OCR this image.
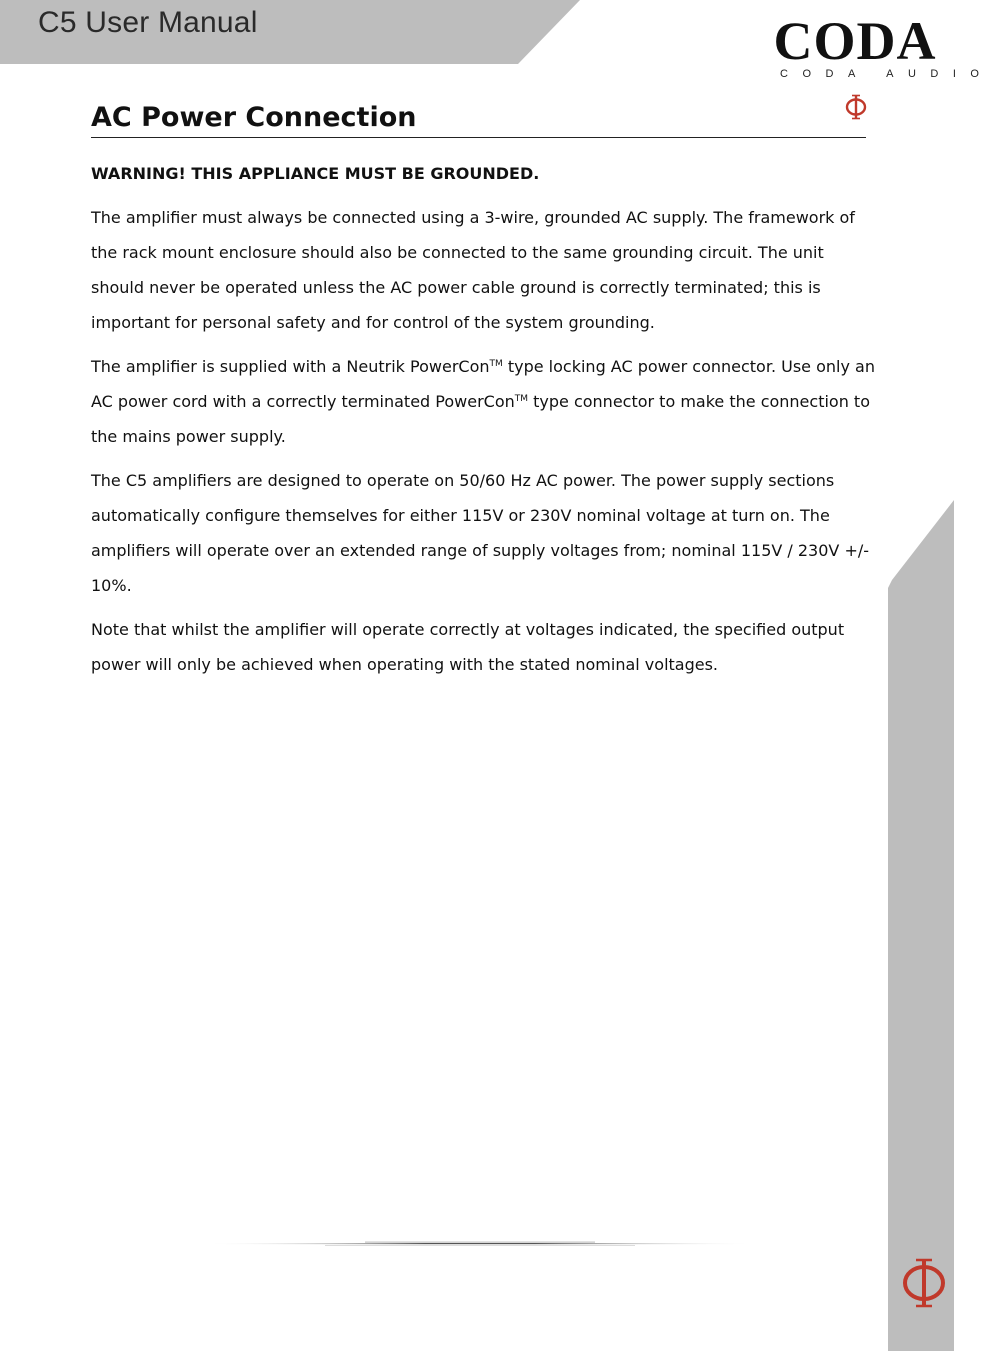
C5 User Manual	CODA
CODA AUDIO
AC Power Connection

WARNING! THIS APPLIANCE MUST BE GROUNDED.

The amplifier must always be connected using a 3-wire, grounded AC supply. The framework of the rack mount enclosure should also be connected to the same grounding circuit. The unit should never be operated unless the AC power cable ground is correctly terminated; this is important for personal safety and for control of the system grounding.

The amplifier is supplied with a Neutrik PowerCon™ type locking AC power connector. Use only an AC power cord with a correctly terminated PowerCon™ type connector to make the connection to the mains power supply.

The C5 amplifiers are designed to operate on 50/60 Hz AC power. The power supply sections automatically configure themselves for either 115V or 230V nominal voltage at turn on. The amplifiers will operate over an extended range of supply voltages from; nominal 115V / 230V +/- 10%.

Note that whilst the amplifier will operate correctly at voltages indicated, the specified output power will only be achieved when operating with the stated nominal voltages.
